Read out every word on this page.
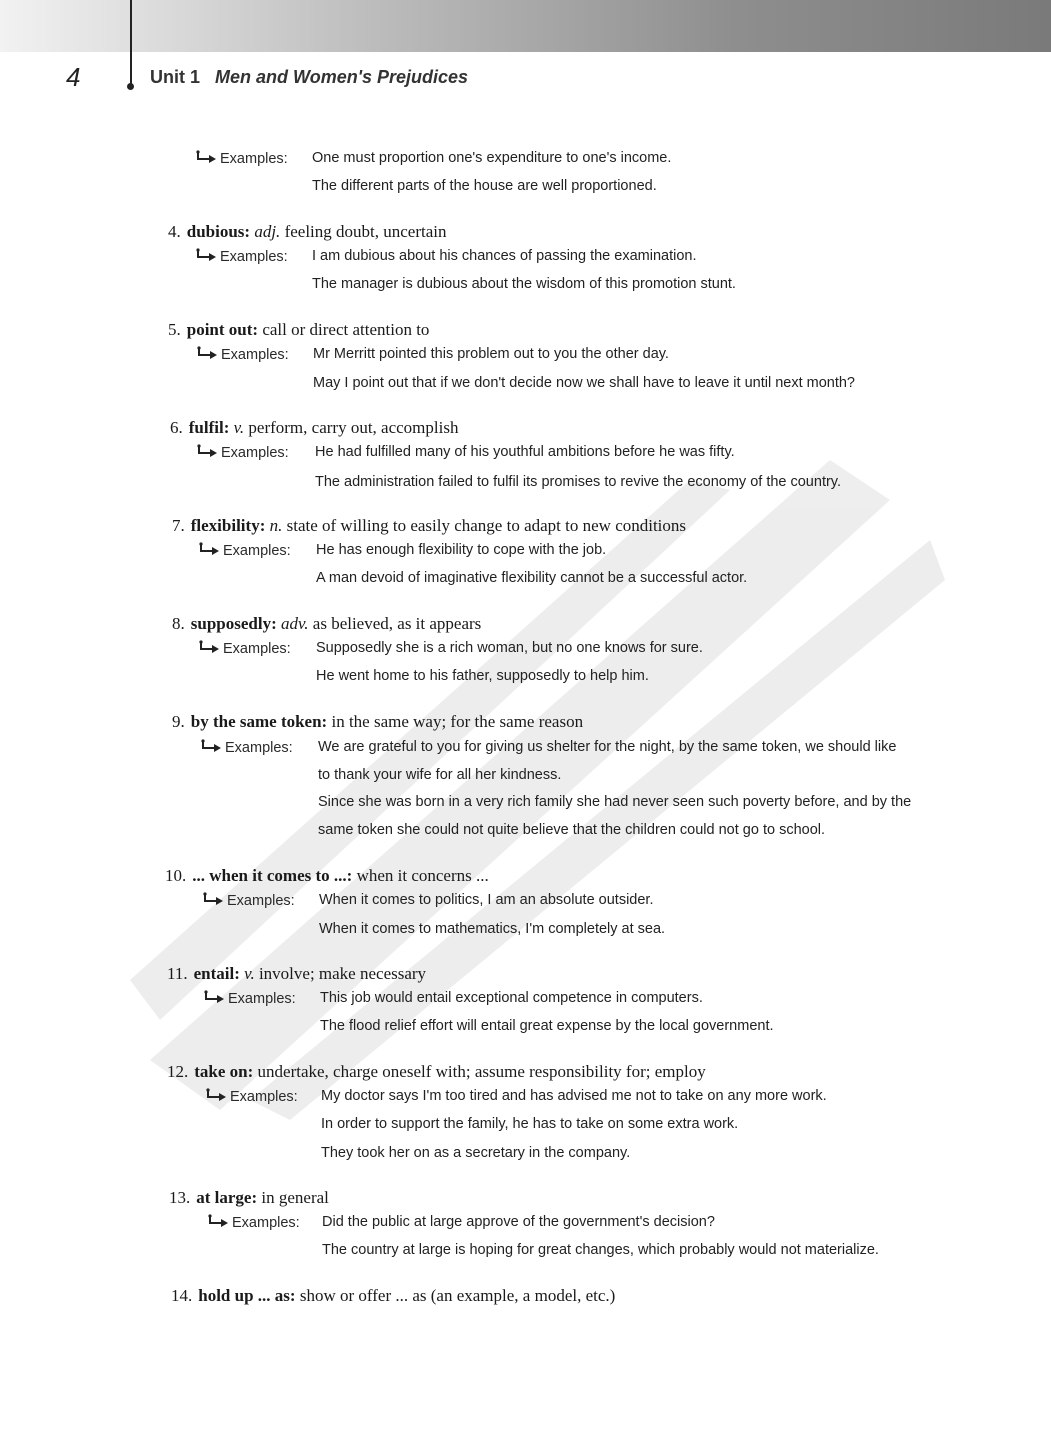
4	Unit 1 Men and Women's Prejudices
Examples: One must proportion one's expenditure to one's income.
The different parts of the house are well proportioned.
4. dubious: adj. feeling doubt, uncertain
Examples: I am dubious about his chances of passing the examination.
The manager is dubious about the wisdom of this promotion stunt.
5. point out: call or direct attention to
Examples: Mr Merritt pointed this problem out to you the other day.
May I point out that if we don't decide now we shall have to leave it until next month?
6. fulfil: v. perform, carry out, accomplish
Examples: He had fulfilled many of his youthful ambitions before he was fifty.
The administration failed to fulfil its promises to revive the economy of the country.
7. flexibility: n. state of willing to easily change to adapt to new conditions
Examples: He has enough flexibility to cope with the job.
A man devoid of imaginative flexibility cannot be a successful actor.
8. supposedly: adv. as believed, as it appears
Examples: Supposedly she is a rich woman, but no one knows for sure.
He went home to his father, supposedly to help him.
9. by the same token: in the same way; for the same reason
Examples: We are grateful to you for giving us shelter for the night, by the same token, we should like
to thank your wife for all her kindness.
Since she was born in a very rich family she had never seen such poverty before, and by the
same token she could not quite believe that the children could not go to school.
10. ... when it comes to ...: when it concerns ...
Examples: When it comes to politics, I am an absolute outsider.
When it comes to mathematics, I'm completely at sea.
11. entail: v. involve; make necessary
Examples: This job would entail exceptional competence in computers.
The flood relief effort will entail great expense by the local government.
12. take on: undertake, charge oneself with; assume responsibility for; employ
Examples: My doctor says I'm too tired and has advised me not to take on any more work.
In order to support the family, he has to take on some extra work.
They took her on as a secretary in the company.
13. at large: in general
Examples: Did the public at large approve of the government's decision?
The country at large is hoping for great changes, which probably would not materialize.
14. hold up ... as: show or offer ... as (an example, a model, etc.)
